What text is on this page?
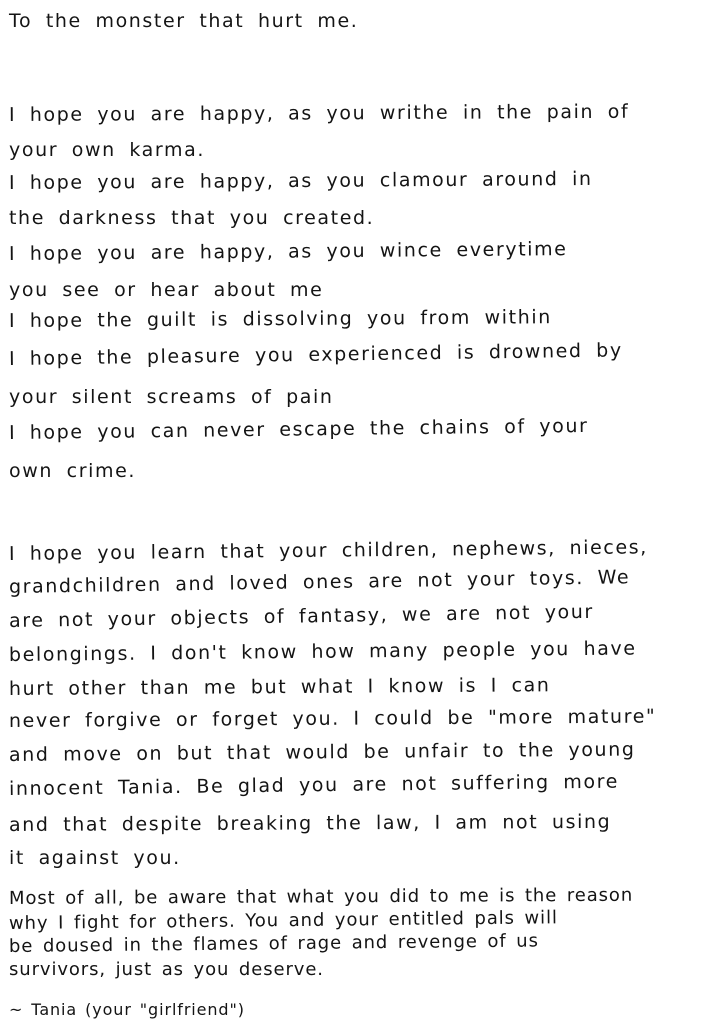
To the monster that hurt me.

I hope you are happy, as you writhe in the pain of

your own karma.

I hope you are happy, as you clamour around in

the darkness that you created.

I hope you are happy, as you wince everytime

you see or hear about me

I hope the guilt is dissolving you from within

I hope the pleasure you experienced is drowned by

your silent screams of pain

I hope you can never escape the chains of your

own crime.

I hope you learn that your children, nephews, nieces,

grandchildren and loved ones are not your toys. We

are not your objects of fantasy, we are not your

belongings. I don't know how many people you have

hurt other than me but what I know is I can

never forgive or forget you. I could be "more mature"

and move on but that would be unfair to the young

innocent Tania. Be glad you are not suffering more

and that despite breaking the law, I am not using

it against you.

Most of all, be aware that what you did to me is the reason

why I fight for others. You and your entitled pals will

be doused in the flames of rage and revenge of us

survivors, just as you deserve.

~ Tania (your "girlfriend")
